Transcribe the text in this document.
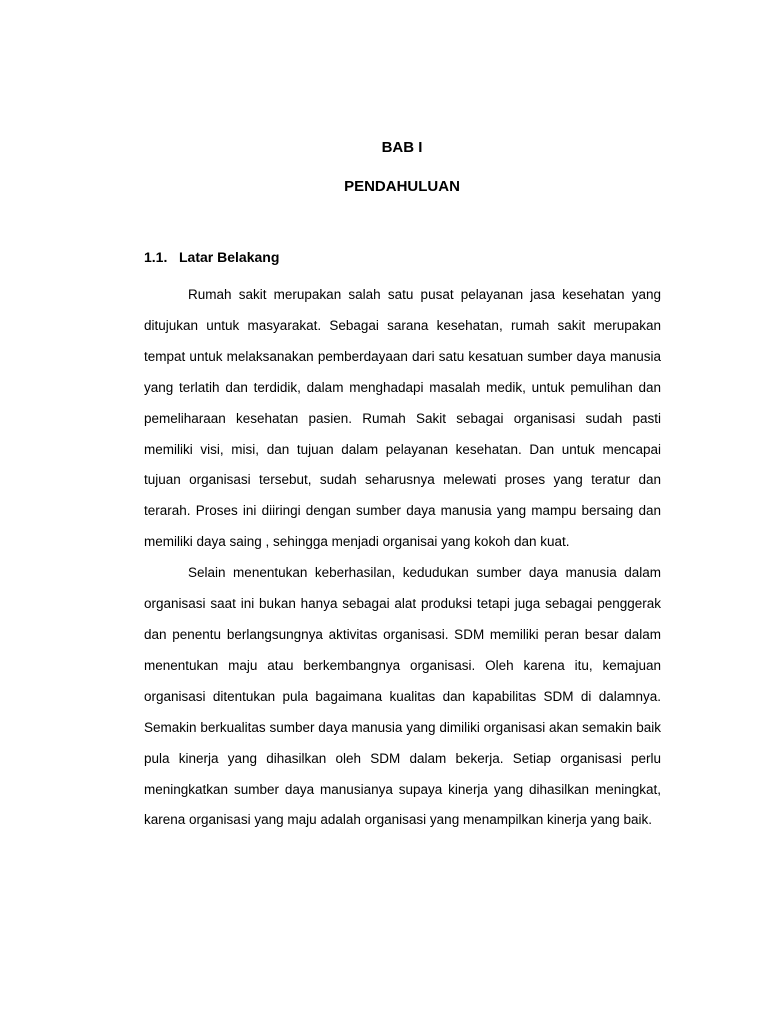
BAB I
PENDAHULUAN
1.1. Latar Belakang

Rumah sakit merupakan salah satu pusat pelayanan jasa kesehatan yang ditujukan untuk masyarakat. Sebagai sarana kesehatan, rumah sakit merupakan tempat untuk melaksanakan pemberdayaan dari satu kesatuan sumber daya manusia yang terlatih dan terdidik, dalam menghadapi masalah medik, untuk pemulihan dan pemeliharaan kesehatan pasien. Rumah Sakit sebagai organisasi sudah pasti memiliki visi, misi, dan tujuan dalam pelayanan kesehatan. Dan untuk mencapai tujuan organisasi tersebut, sudah seharusnya melewati proses yang teratur dan terarah. Proses ini diiringi dengan sumber daya manusia yang mampu bersaing dan memiliki daya saing , sehingga menjadi organisai yang kokoh dan kuat.

Selain menentukan keberhasilan, kedudukan sumber daya manusia dalam organisasi saat ini bukan hanya sebagai alat produksi tetapi juga sebagai penggerak dan penentu berlangsungnya aktivitas organisasi. SDM memiliki peran besar dalam menentukan maju atau berkembangnya organisasi. Oleh karena itu, kemajuan organisasi ditentukan pula bagaimana kualitas dan kapabilitas SDM di dalamnya. Semakin berkualitas sumber daya manusia yang dimiliki organisasi akan semakin baik pula kinerja yang dihasilkan oleh SDM dalam bekerja. Setiap organisasi perlu meningkatkan sumber daya manusianya supaya kinerja yang dihasilkan meningkat, karena organisasi yang maju adalah organisasi yang menampilkan kinerja yang baik.
